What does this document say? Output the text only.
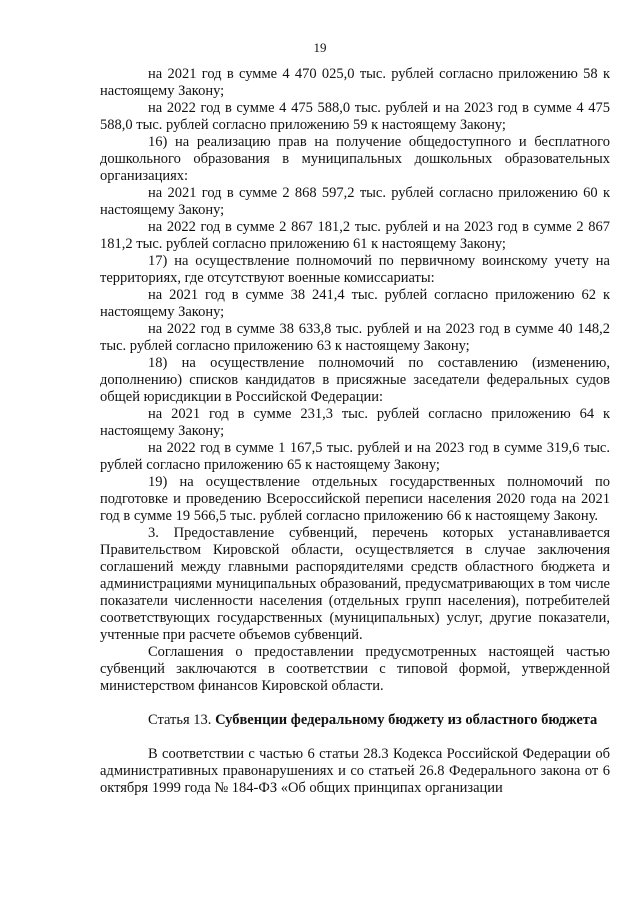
19

на 2021 год в сумме 4 470 025,0 тыс. рублей согласно приложению 58 к настоящему Закону;

на 2022 год в сумме 4 475 588,0 тыс. рублей и на 2023 год в сумме 4 475 588,0 тыс. рублей согласно приложению 59 к настоящему Закону;

16) на реализацию прав на получение общедоступного и бесплатного дошкольного образования в муниципальных дошкольных образовательных организациях:

на 2021 год в сумме 2 868 597,2 тыс. рублей согласно приложению 60 к настоящему Закону;

на 2022 год в сумме 2 867 181,2 тыс. рублей и на 2023 год в сумме 2 867 181,2 тыс. рублей согласно приложению 61 к настоящему Закону;

17) на осуществление полномочий по первичному воинскому учету на территориях, где отсутствуют военные комиссариаты:

на 2021 год в сумме 38 241,4 тыс. рублей согласно приложению 62 к настоящему Закону;

на 2022 год в сумме 38 633,8 тыс. рублей и на 2023 год в сумме 40 148,2 тыс. рублей согласно приложению 63 к настоящему Закону;

18) на осуществление полномочий по составлению (изменению, дополнению) списков кандидатов в присяжные заседатели федеральных судов общей юрисдикции в Российской Федерации:

на 2021 год в сумме 231,3 тыс. рублей согласно приложению 64 к настоящему Закону;

на 2022 год в сумме 1 167,5 тыс. рублей и на 2023 год в сумме 319,6 тыс. рублей согласно приложению 65 к настоящему Закону;

19) на осуществление отдельных государственных полномочий по подготовке и проведению Всероссийской переписи населения 2020 года на 2021 год в сумме 19 566,5 тыс. рублей согласно приложению 66 к настоящему Закону.

3. Предоставление субвенций, перечень которых устанавливается Правительством Кировской области, осуществляется в случае заключения соглашений между главными распорядителями средств областного бюджета и администрациями муниципальных образований, предусматривающих в том числе показатели численности населения (отдельных групп населения), потребителей соответствующих государственных (муниципальных) услуг, другие показатели, учтенные при расчете объемов субвенций.

Соглашения о предоставлении предусмотренных настоящей частью субвенций заключаются в соответствии с типовой формой, утвержденной министерством финансов Кировской области.

Статья 13. Субвенции федеральному бюджету из областного бюджета

В соответствии с частью 6 статьи 28.3 Кодекса Российской Федерации об административных правонарушениях и со статьей 26.8 Федерального закона от 6 октября 1999 года № 184-ФЗ «Об общих принципах организации
